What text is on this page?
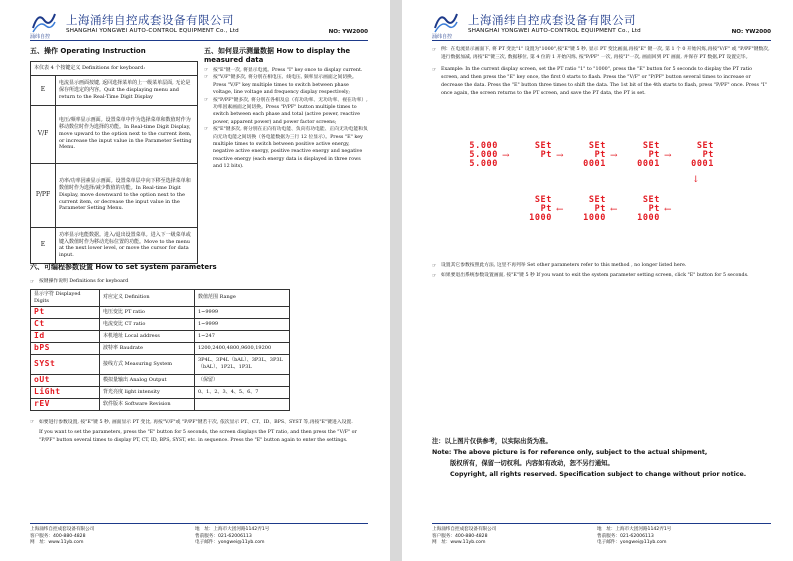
涌纬自控
上海涌纬自控成套设备有限公司
SHANGHAI YONGWEI AUTO-CONTROL EQUIPMENT Co., Ltd	NO: YW2000
五、操作 Operating Instruction
本仪表 4 个按键定义 Definitions for keyboard:	
E	电流显示画面按键, 返回选择菜单的上一级菜单层面, 无论是保存所选定的内容。Quit the displaying menu and return to the Real-Time Digit Display
V/F	电压/频率显示画面。设置菜单中作为选择菜单和数值时作为移动数位时作为选择的功能。In Real-time Digit Display, move upward to the option next to the current item, or increase the input value in the Parameter Setting Menu.
P/PF	功率/功率因素显示画面。设置菜单层中向下移至选择菜单和数值时作为选择/减少数值的功能。In Real-time Digit Display, move downward to the option next to the current item, or decrease the input value in the Parameter Setting Menu.
E	功率显示电能数据。进入/退出设置菜单。进入下一级菜单或键入数值时作为移动光标位置的功能。Move to the menu at the next lower level, or move the cursor for data input.
五、如何显示测量数据 How to display the measured data
☞ 按"E"键一次, 将显示电流。Press "I" key once to display current.
☞ 按"V/F"键多次, 将分别在相电压、线电压, 频率显示画面之间切换。Press "V/F" key multiple times to switch between phase voltage, line voltage and frequency display respectively;
☞ 按"P/PF"键多次, 将分别在各相及总（有功功率、无功功率、视在功率）, 功率因素画面之间切换。Press "P/PF" button multiple times to switch between each phase and total (active power, reactive power, apparent power) and power factor screens;
☞ 按"E"键多次, 将分别在正向有功电能、负向有功电能、正向无功电能和负向无功电能之间切换（各电能数据为三行 12 位显示）。Press "E" key multiple times to switch between positive active energy, negative active energy, positive reactive energy and negative reactive energy (each energy data is displayed in three rows and 12 bits).
六、可编程参数设置 How to set system parameters
☞ 按键操作说明 Definitions for keyboard
显示字符 Displayed Digits	对应定义 Definition	数值范围 Range
Pt	电压变比 PT ratio	1~9999
Ct	电流变比 CT ratio	1~9999
Id	本机地址 Local address	1~247
bPS	波特率 Baudrate	1200,2400,4800,9600,19200
SYSt	接线方式 Measuring System	3P4L、3P4L（bAL）、3P3L、3P3L（bAL）、1P2L、1P3L
oUt	模拟量输出 Analog Output	（保留）
LiGht	背光亮度 light intensity	0、1、2、3、4、5、6、7
rEV	软件版本 Software Revision	
☞ 如要进行参数设置, 按"E"键 5 秒, 画面显示 PT 变比, 再按"V/F"或 "P/PF"键若干次, 依次显示 PT、CT、ID、BPS、SYST 等,再按"E"键进入设置.
If you want to set the parameters, press the "E" button for 5 seconds, the screen displays the PT ratio, and then press the "V/F" or "P/PF" button several times to display PT, CT, ID, BPS, SYST, etc. in sequence. Press the "E" button again to enter the settings.
上海涌纬自控成套设备有限公司	地　址：上海市大团河路1142弄1号
客户服务：400-880-4828	售前服务：021-62006113
网　址：www.11yb.com	电子邮件：yongwei@11yb.com
涌纬自控
上海涌纬自控成套设备有限公司
SHANGHAI YONGWEI AUTO-CONTROL EQUIPMENT Co., Ltd	NO: YW2000
☞ 例：在电流显示画面下, 将 PT 变比"1" 设置为"1000",按"E"键 5 秒, 显示 PT 变比画面,再按"E" 键一次, 第 1 个 0 开始闪烁,再按"V/F" 或 "P/PF"键数次, 进行数据加减, 再按"E"键三次, 数据移位, 第 4 位的 1 开始闪烁, 按"P/PF" 一次, 再按"I"一次, 画面回到 PT 画面, 并保存 PT 数据,PT 设置完毕。
☞ Example: In the current display screen, set the PT ratio "1" to "1000", press the "E" button for 5 seconds to display the PT ratio screen, and then press the "E" key once, the first 0 starts to flash. Press the "V/F" or "P/PF" button several times to increase or decrease the data. Press the "E" button three times to shift the data. The 1st bit of the 4th starts to flash, press "P/PF" once. Press "I" once again, the screen returns to the PT screen, and save the PT data, the PT is set.
5.000
5.000
5.000
→
SEt
Pt →
SEt
Pt
0001
→
SEt
Pt
0001
→
SEt
Pt
0001
↓
SEt
Pt
1000
←
SEt
Pt
1000
←
SEt
Pt
1000
←
☞ 设置其它参数按照此方法, 这里不再列举 Set other parameters refer to this method , no longer listed here.
☞ 如果要退出系统参数设置画面, 按"E"键 5 秒 If you want to exit the system parameter setting screen, click "E" button for 5 seconds.
注：以上图片仅供参考，以实际出货为准。
Note: The above picture is for reference only, subject to the actual shipment,
版权所有，保留一切权利。内容如有改动，恕不另行通知。
Copyright, all rights reserved. Specification subject to change without prior notice.
上海涌纬自控成套设备有限公司	地　址：上海市大团河路1142弄1号
客户服务：400-880-4828	售前服务：021-62006113
网　址：www.11yb.com	电子邮件：yongwei@11yb.com
